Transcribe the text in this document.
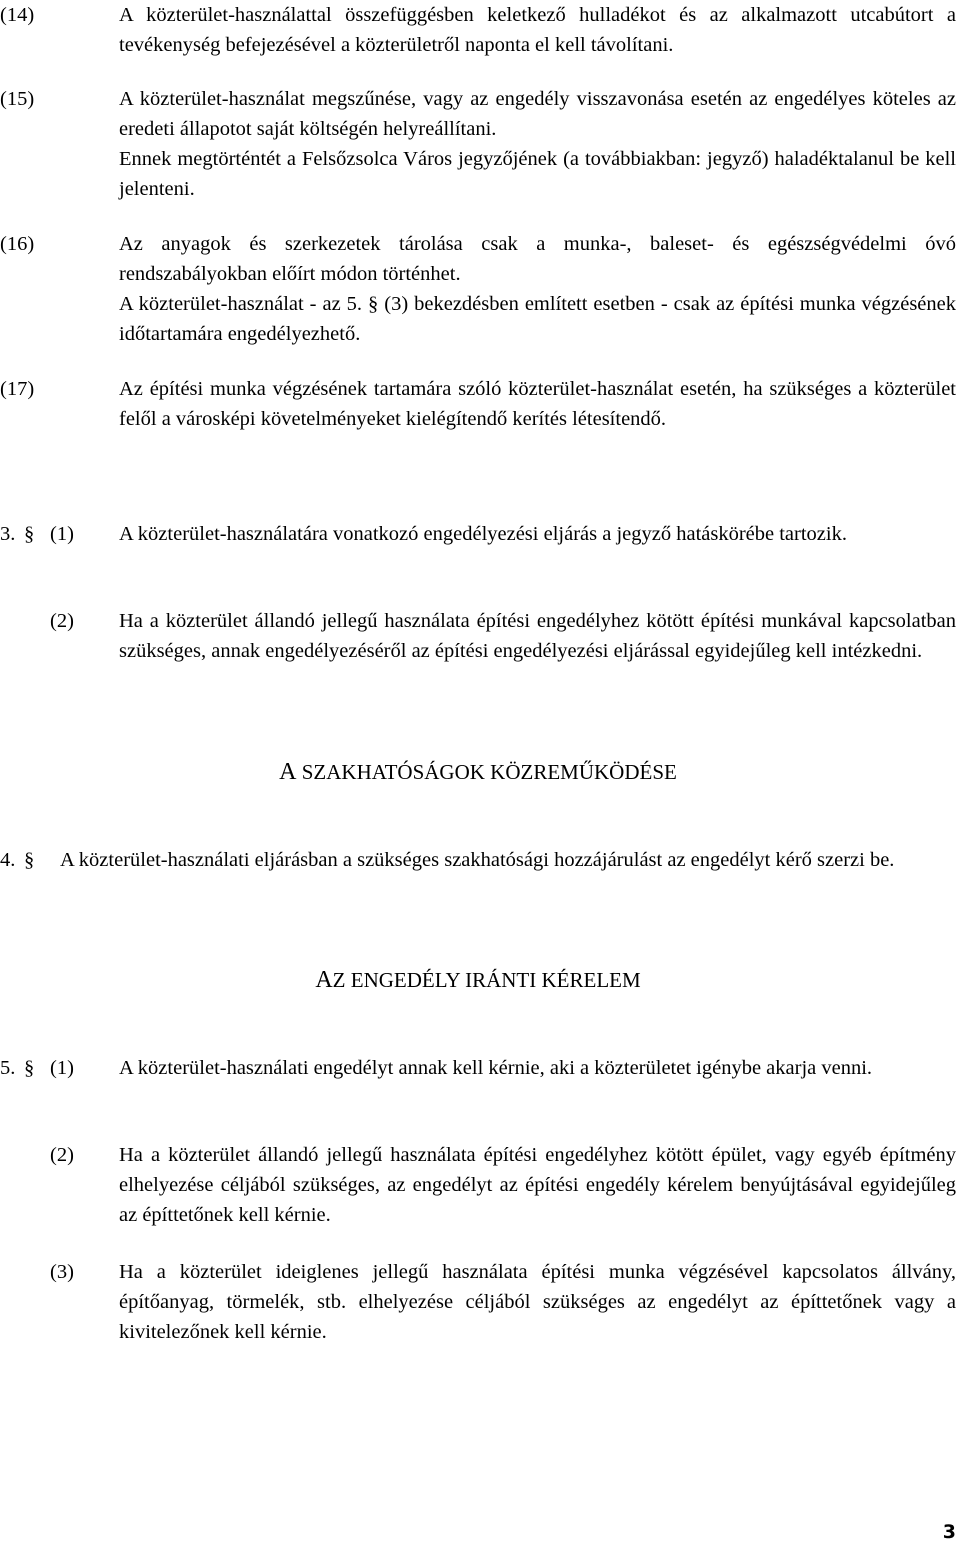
(14)	A közterület-használattal összefüggésben keletkező hulladékot és az alkalmazott utcabútort a tevékenység befejezésével a közterületről naponta el kell távolítani.
(15)	A közterület-használat megszűnése, vagy az engedély visszavonása esetén az engedélyes köteles az eredeti állapotot saját költségén helyreállítani.
Ennek megtörténtét a Felsőzsolca Város jegyzőjének (a továbbiakban: jegyző) haladéktalanul be kell jelenteni.
(16)	Az anyagok és szerkezetek tárolása csak a munka-, baleset- és egészségvédelmi óvó rendszabályokban előírt módon történhet.
A közterület-használat - az 5. § (3) bekezdésben említett esetben - csak az építési munka végzésének időtartamára engedélyezhető.
(17)	Az építési munka végzésének tartamára szóló közterület-használat esetén, ha szükséges a közterület felől a városképi követelményeket kielégítendő kerítés létesítendő.
3. § (1)	A közterület-használatára vonatkozó engedélyezési eljárás a jegyző hatáskörébe tartozik.
(2)	Ha a közterület állandó jellegű használata építési engedélyhez kötött építési munkával kapcsolatban szükséges, annak engedélyezéséről az építési engedélyezési eljárással egyidejűleg kell intézkedni.
A SZAKHATÓSÁGOK KÖZREMŰKÖDÉSE
4. §	A közterület-használati eljárásban a szükséges szakhatósági hozzájárulást az engedélyt kérő szerzi be.
AZ ENGEDÉLY IRÁNTI KÉRELEM
5. § (1)	A közterület-használati engedélyt annak kell kérnie, aki a közterületet igénybe akarja venni.
(2)	Ha a közterület állandó jellegű használata építési engedélyhez kötött épület, vagy egyéb építmény elhelyezése céljából szükséges, az engedélyt az építési engedély kérelem benyújtásával egyidejűleg az építtetőnek kell kérnie.
(3)	Ha a közterület ideiglenes jellegű használata építési munka végzésével kapcsolatos állvány, építőanyag, törmelék, stb. elhelyezése céljából szükséges az engedélyt az építtetőnek vagy a kivitelezőnek kell kérnie.
3
